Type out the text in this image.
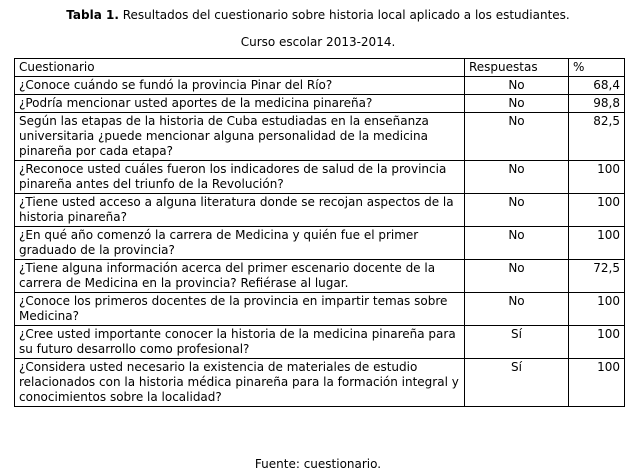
Tabla 1. Resultados del cuestionario sobre historia local aplicado a los estudiantes.
Curso escolar 2013-2014.
Cuestionario	Respuestas	%
¿Conoce cuándo se fundó la provincia Pinar del Río?	No	68,4
¿Podría mencionar usted aportes de la medicina pinareña?	No	98,8
Según las etapas de la historia de Cuba estudiadas en la enseñanza universitaria ¿puede mencionar alguna personalidad de la medicina pinareña por cada etapa?	No	82,5
¿Reconoce usted cuáles fueron los indicadores de salud de la provincia pinareña antes del triunfo de la Revolución?	No	100
¿Tiene usted acceso a alguna literatura donde se recojan aspectos de la historia pinareña?	No	100
¿En qué año comenzó la carrera de Medicina y quién fue el primer graduado de la provincia?	No	100
¿Tiene alguna información acerca del primer escenario docente de la carrera de Medicina en la provincia? Refiérase al lugar.	No	72,5
¿Conoce los primeros docentes de la provincia en impartir temas sobre Medicina?	No	100
¿Cree usted importante conocer la historia de la medicina pinareña para su futuro desarrollo como profesional?	Sí	100
¿Considera usted necesario la existencia de materiales de estudio relacionados con la historia médica pinareña para la formación integral y conocimientos sobre la localidad?	Sí	100
Fuente: cuestionario.
